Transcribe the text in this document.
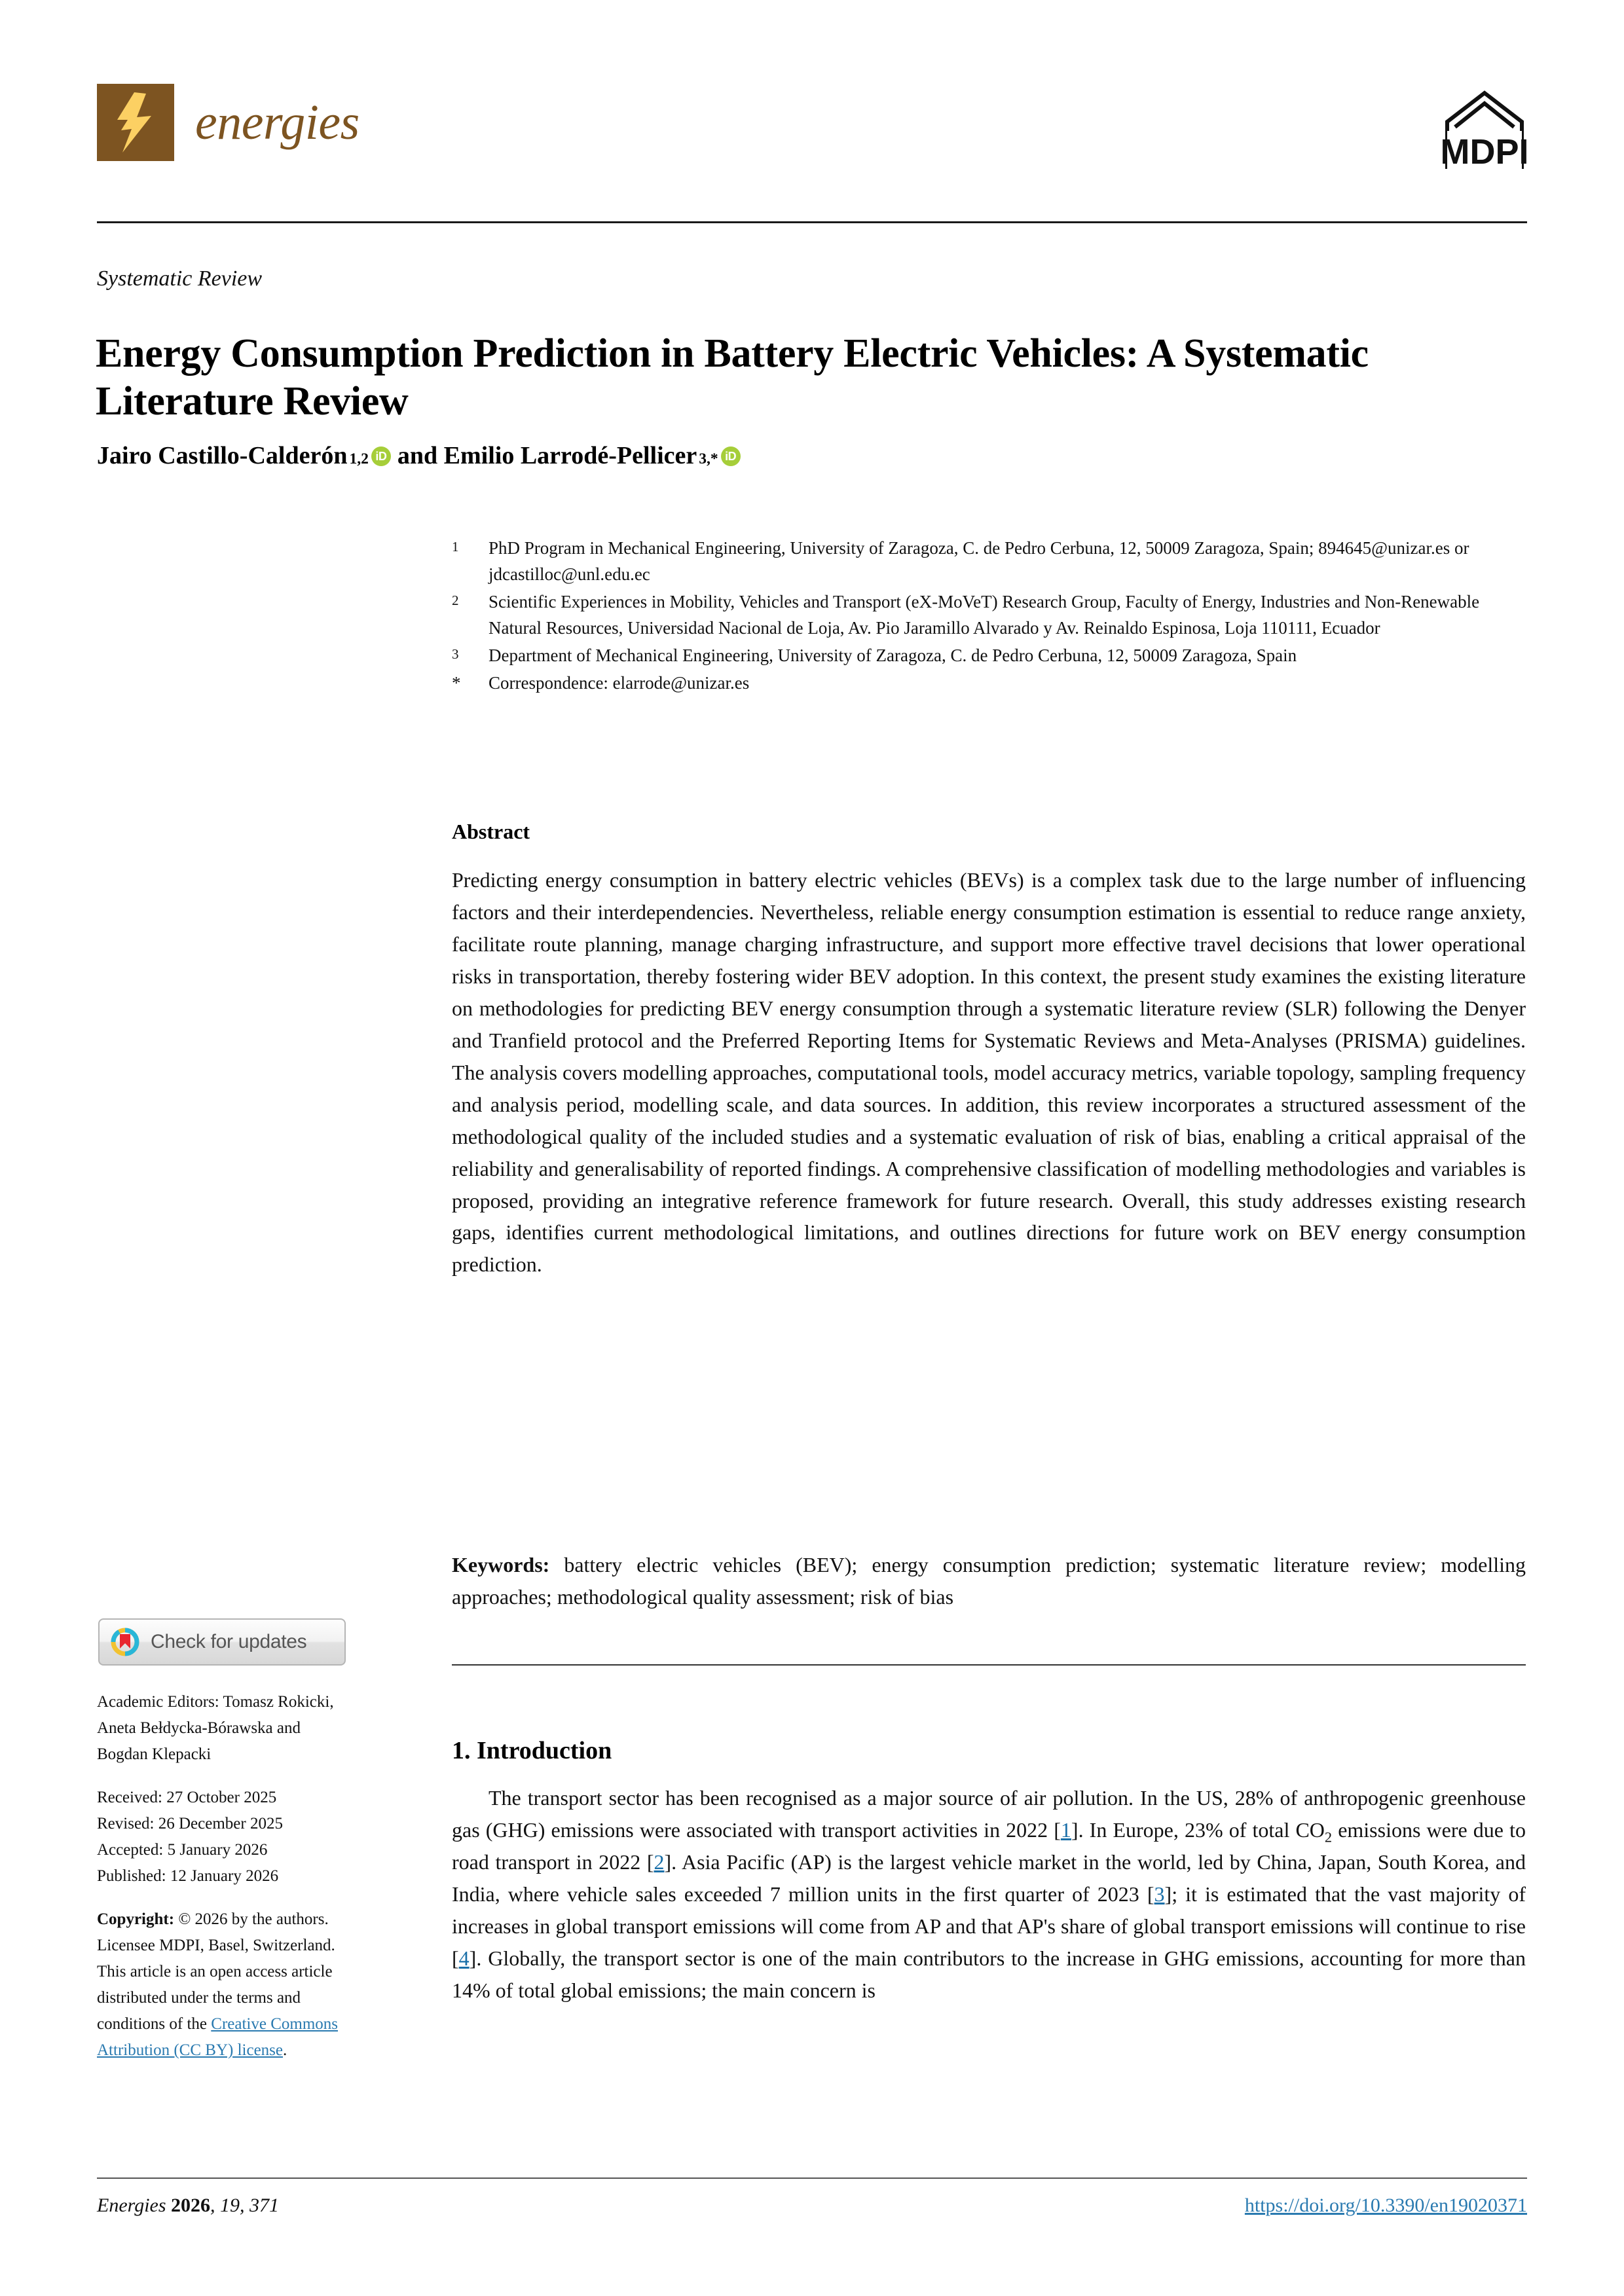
energies
MDPI
Systematic Review
Energy Consumption Prediction in Battery Electric Vehicles: A Systematic Literature Review
Jairo Castillo-Calderón 1,2 iD and Emilio Larrodé-Pellicer 3,* iD
1	PhD Program in Mechanical Engineering, University of Zaragoza, C. de Pedro Cerbuna, 12, 50009 Zaragoza, Spain; 894645@unizar.es or jdcastilloc@unl.edu.ec
2	Scientific Experiences in Mobility, Vehicles and Transport (eX-MoVeT) Research Group, Faculty of Energy, Industries and Non-Renewable Natural Resources, Universidad Nacional de Loja, Av. Pio Jaramillo Alvarado y Av. Reinaldo Espinosa, Loja 110111, Ecuador
3	Department of Mechanical Engineering, University of Zaragoza, C. de Pedro Cerbuna, 12, 50009 Zaragoza, Spain
*	Correspondence: elarrode@unizar.es
Abstract
Predicting energy consumption in battery electric vehicles (BEVs) is a complex task due to the large number of influencing factors and their interdependencies. Nevertheless, reliable energy consumption estimation is essential to reduce range anxiety, facilitate route planning, manage charging infrastructure, and support more effective travel decisions that lower operational risks in transportation, thereby fostering wider BEV adoption. In this context, the present study examines the existing literature on methodologies for predicting BEV energy consumption through a systematic literature review (SLR) following the Denyer and Tranfield protocol and the Preferred Reporting Items for Systematic Reviews and Meta-Analyses (PRISMA) guidelines. The analysis covers modelling approaches, computational tools, model accuracy metrics, variable topology, sampling frequency and analysis period, modelling scale, and data sources. In addition, this review incorporates a structured assessment of the methodological quality of the included studies and a systematic evaluation of risk of bias, enabling a critical appraisal of the reliability and generalisability of reported findings. A comprehensive classification of modelling methodologies and variables is proposed, providing an integrative reference framework for future research. Overall, this study addresses existing research gaps, identifies current methodological limitations, and outlines directions for future work on BEV energy consumption prediction.
Keywords: battery electric vehicles (BEV); energy consumption prediction; systematic literature review; modelling approaches; methodological quality assessment; risk of bias
1. Introduction
The transport sector has been recognised as a major source of air pollution. In the US, 28% of anthropogenic greenhouse gas (GHG) emissions were associated with transport activities in 2022 [1]. In Europe, 23% of total $CO_2$ emissions were due to road transport in 2022 [2]. Asia Pacific (AP) is the largest vehicle market in the world, led by China, Japan, South Korea, and India, where vehicle sales exceeded 7 million units in the first quarter of 2023 [3]; it is estimated that the vast majority of increases in global transport emissions will come from AP and that AP's share of global transport emissions will continue to rise [4]. Globally, the transport sector is one of the main contributors to the increase in GHG emissions, accounting for more than 14% of total global emissions; the main concern is
Check for updates
Academic Editors: Tomasz Rokicki, Aneta Bełdycka-Bórawska and Bogdan Klepacki
Received: 27 October 2025
Revised: 26 December 2025
Accepted: 5 January 2026
Published: 12 January 2026
Copyright: © 2026 by the authors. Licensee MDPI, Basel, Switzerland. This article is an open access article distributed under the terms and conditions of the Creative Commons Attribution (CC BY) license.
Energies 2026, 19, 371	https://doi.org/10.3390/en19020371
